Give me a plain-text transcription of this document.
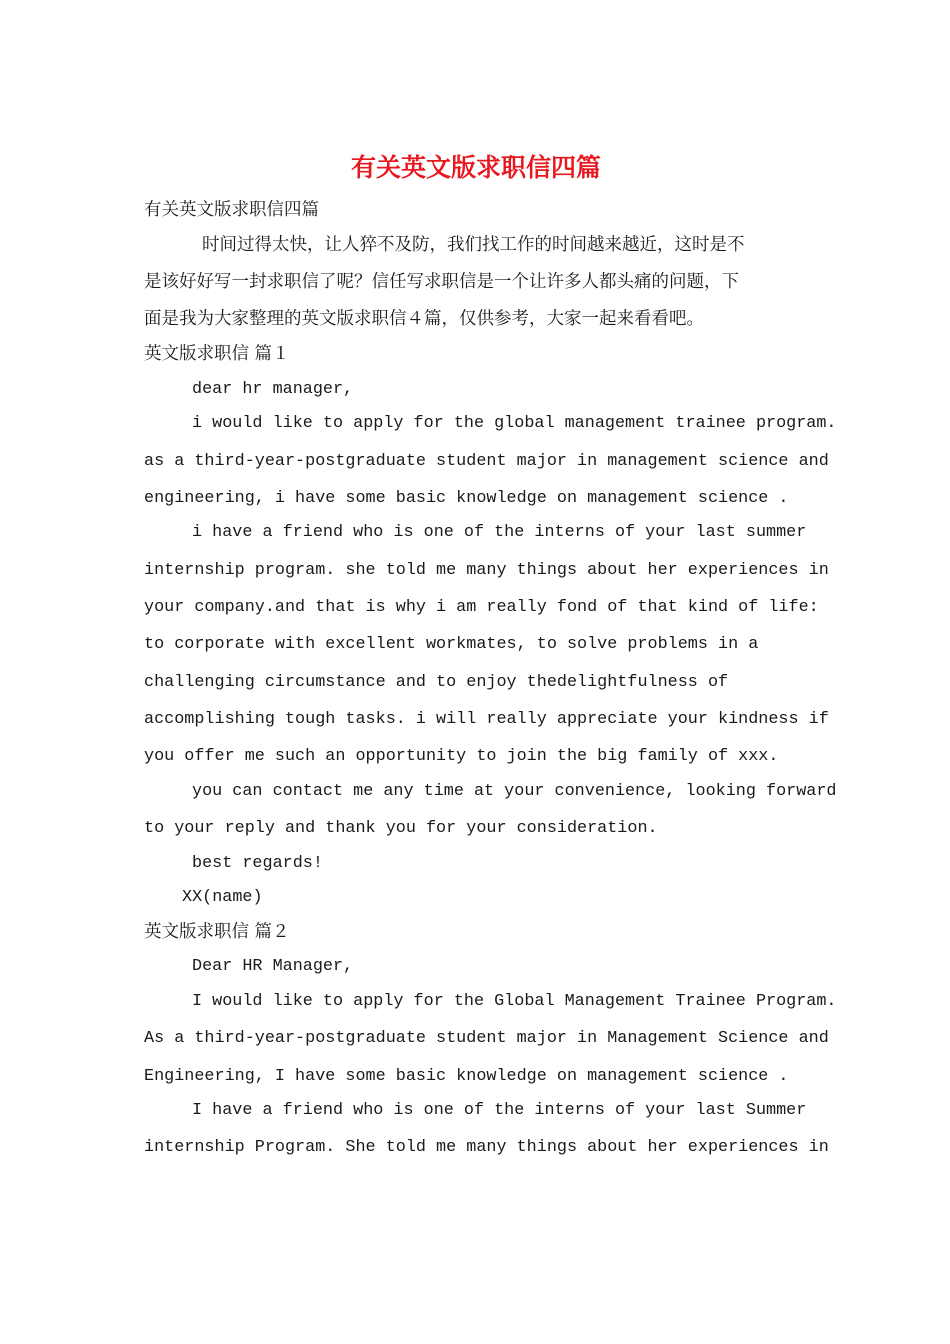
有关英文版求职信四篇

有关英文版求职信四篇

时间过得太快，让人猝不及防，我们找工作的时间越来越近，这时是不

是该好好写一封求职信了呢？信任写求职信是一个让许多人都头痛的问题，下

面是我为大家整理的英文版求职信４篇，仅供参考，大家一起来看看吧。

英文版求职信 篇１

dear hr manager,

i would like to apply for the global management trainee program.

as a third-year-postgraduate student major in management science and

engineering, i have some basic knowledge on management science .

i have a friend who is one of the interns of your last summer

internship program. she told me many things about her experiences in

your company.and that is why i am really fond of that kind of life:

to corporate with excellent workmates, to solve problems in a

challenging circumstance and to enjoy thedelightfulness of

accomplishing tough tasks. i will really appreciate your kindness if

you offer me such an opportunity to join the big family of xxx.

you can contact me any time at your convenience, looking forward

to your reply and thank you for your consideration.

best regards!

XX(name)

英文版求职信 篇２

Dear HR Manager,

I would like to apply for the Global Management Trainee Program.

As a third-year-postgraduate student major in Management Science and

Engineering, I have some basic knowledge on management science .

I have a friend who is one of the interns of your last Summer

internship Program. She told me many things about her experiences in
